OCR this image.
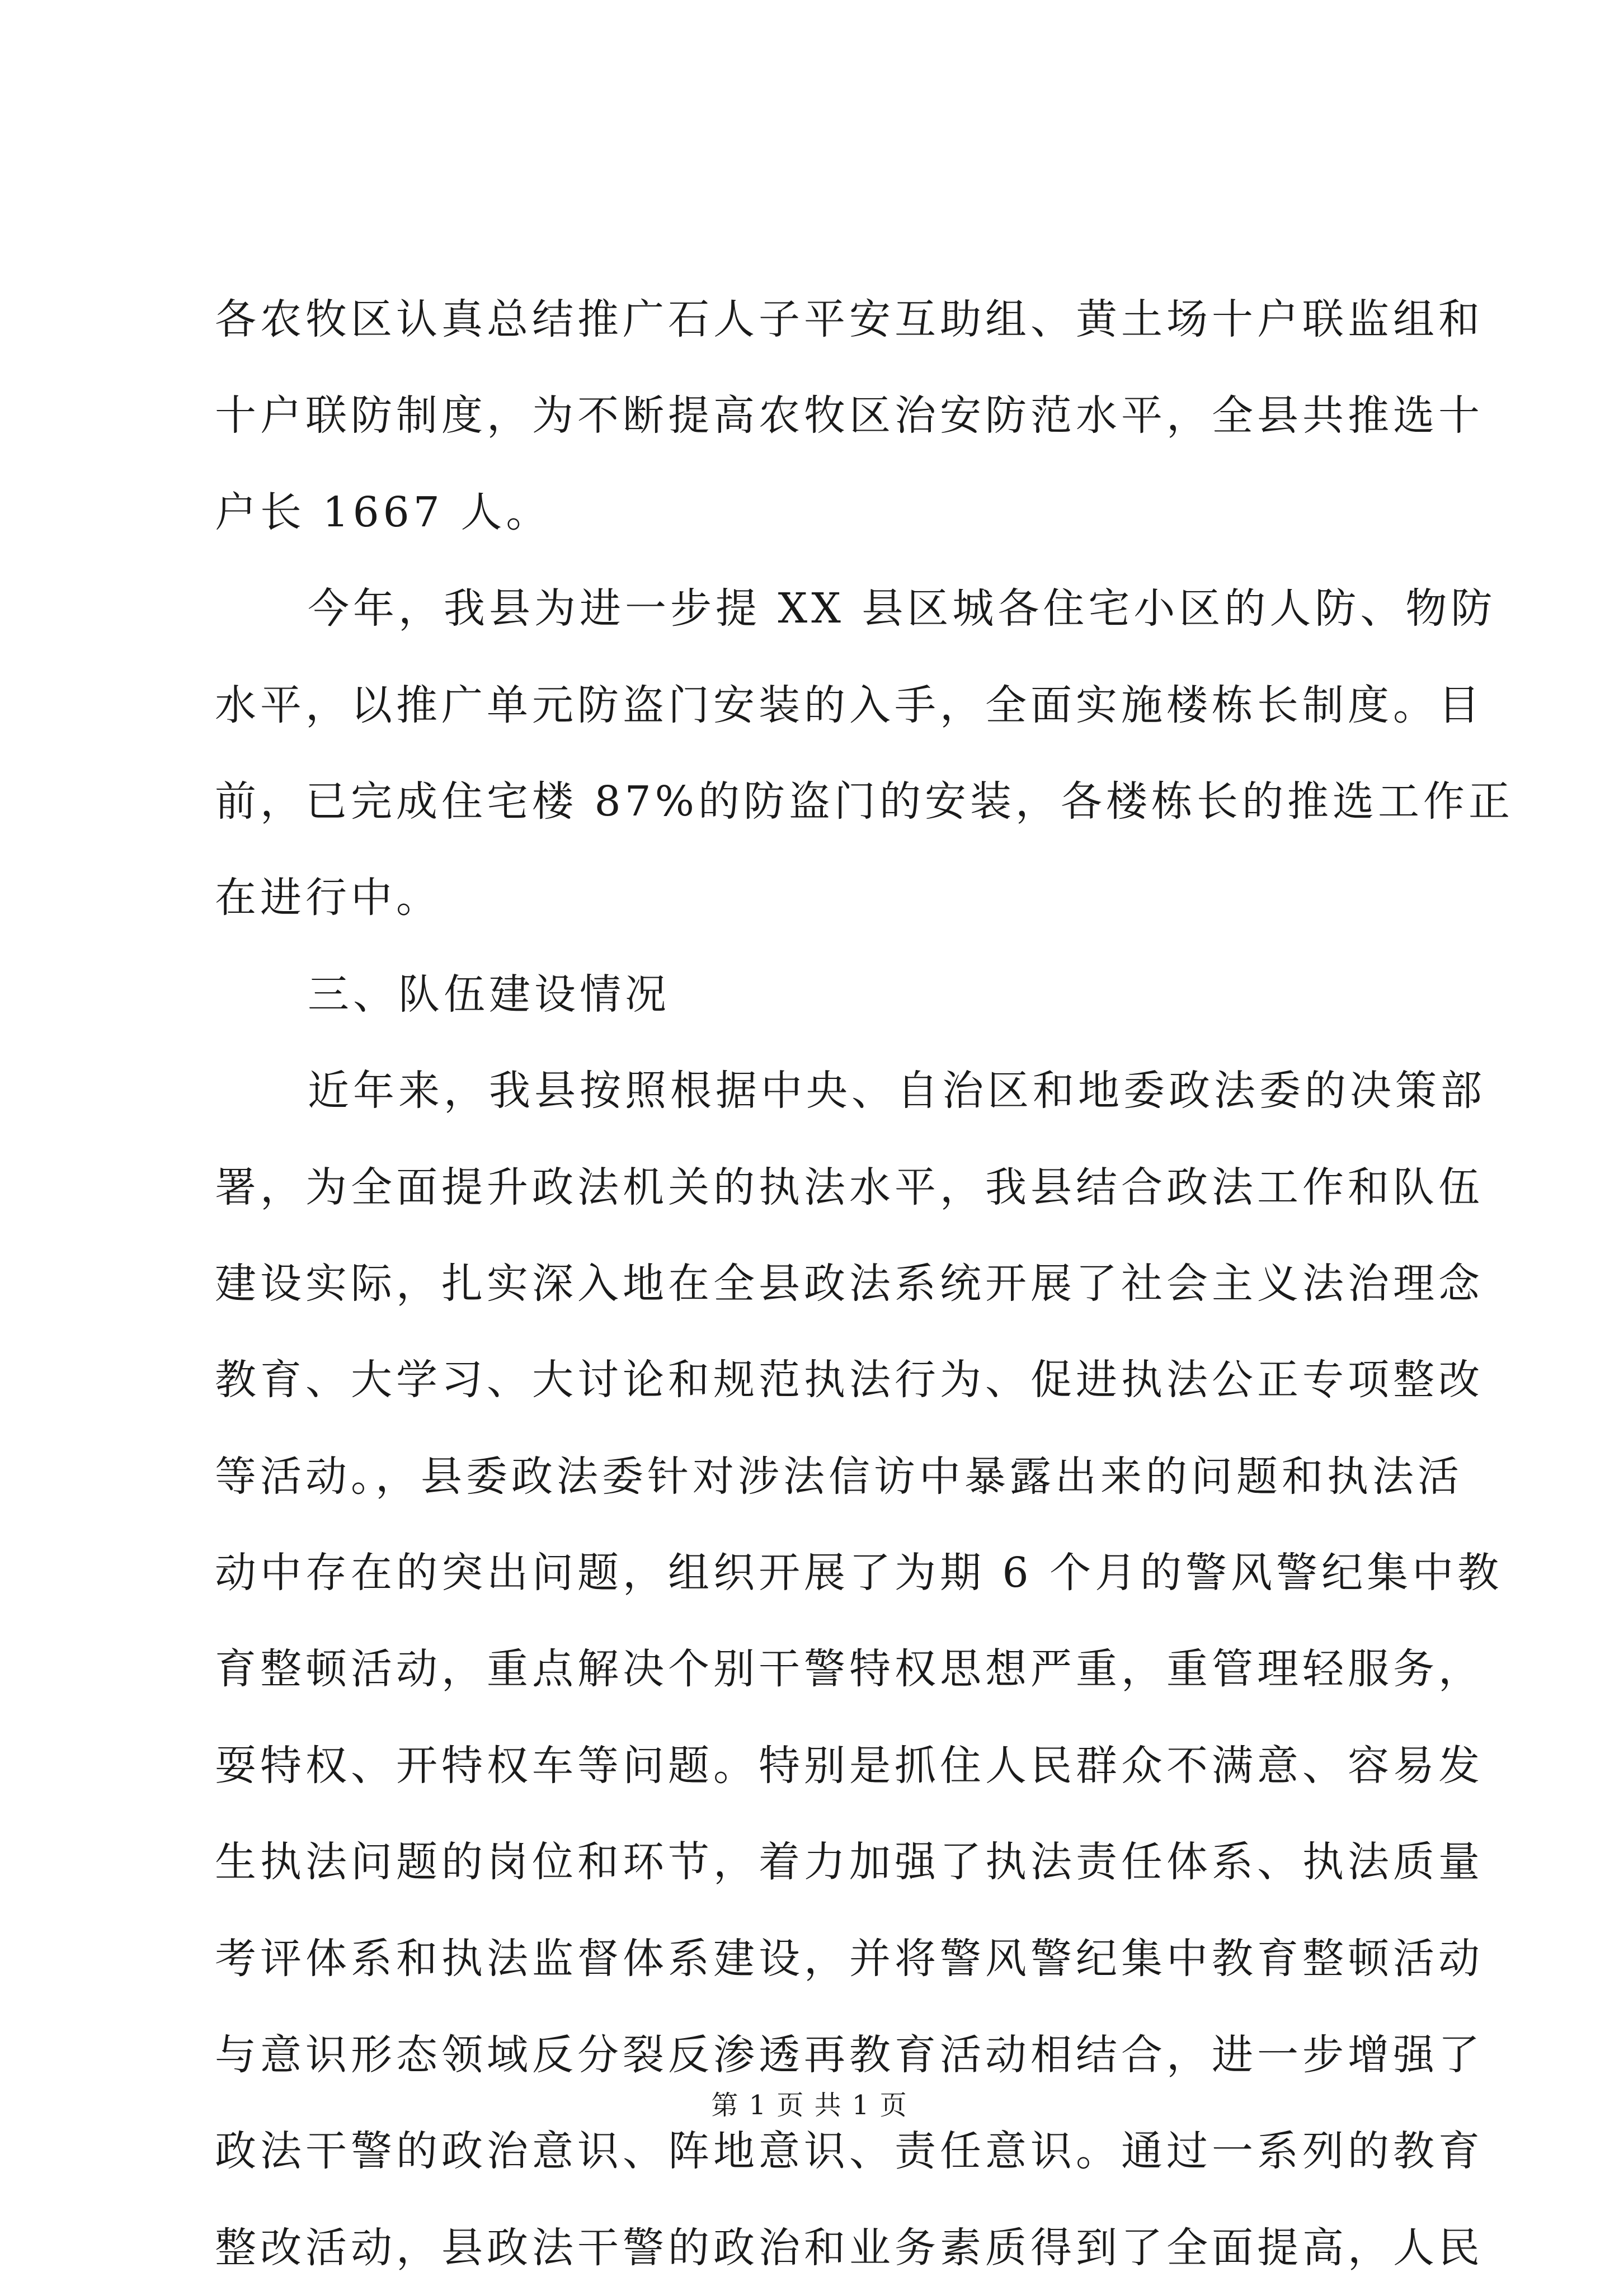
各农牧区认真总结推广石人子平安互助组、黄土场十户联监组和
十户联防制度，为不断提高农牧区治安防范水平，全县共推选十
户长 1667 人。
今年，我县为进一步提 XX 县区城各住宅小区的人防、物防
水平，以推广单元防盗门安装的入手，全面实施楼栋长制度。目
前，已完成住宅楼 87%的防盗门的安装，各楼栋长的推选工作正
在进行中。
三、队伍建设情况
近年来，我县按照根据中央、自治区和地委政法委的决策部
署，为全面提升政法机关的执法水平，我县结合政法工作和队伍
建设实际，扎实深入地在全县政法系统开展了社会主义法治理念
教育、大学习、大讨论和规范执法行为、促进执法公正专项整改
等活动。，县委政法委针对涉法信访中暴露出来的问题和执法活
动中存在的突出问题，组织开展了为期 6 个月的警风警纪集中教
育整顿活动，重点解决个别干警特权思想严重，重管理轻服务，
耍特权、开特权车等问题。特别是抓住人民群众不满意、容易发
生执法问题的岗位和环节，着力加强了执法责任体系、执法质量
考评体系和执法监督体系建设，并将警风警纪集中教育整顿活动
与意识形态领域反分裂反渗透再教育活动相结合，进一步增强了
政法干警的政治意识、阵地意识、责任意识。通过一系列的教育
整改活动，县政法干警的政治和业务素质得到了全面提高，人民
第 1 页 共 1 页
